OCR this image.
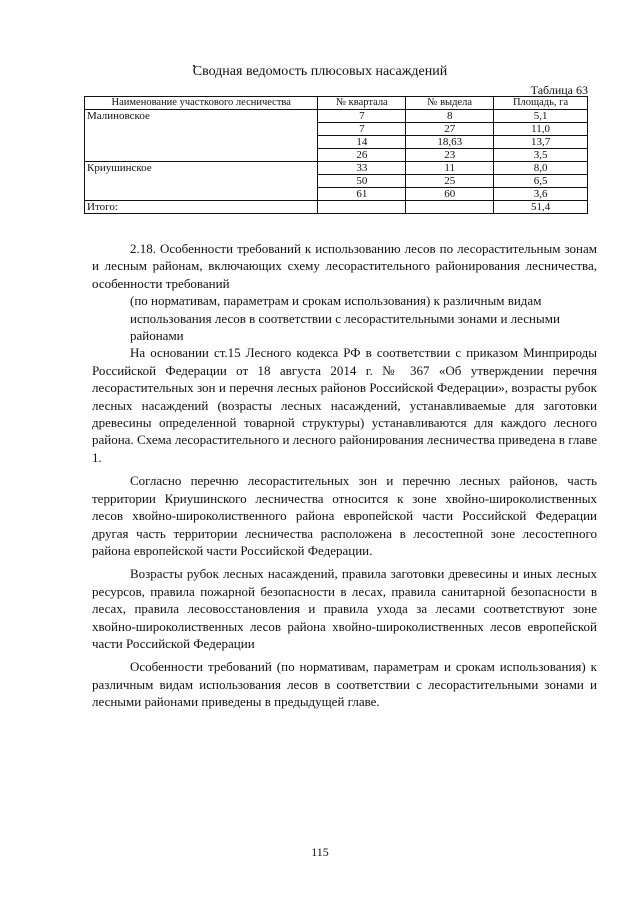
Сводная ведомость плюсовых насаждений
Таблица 63
Наименование участкового лесничества	№ квартала	№ выдела	Площадь, га
Малиновское	7	8	5,1
	7	27	11,0
	14	18,63	13,7
	26	23	3,5
Криушинское	33	11	8,0
	50	25	6,5
	61	60	3,6
Итого:			51,4

2.18. Особенности требований к использованию лесов по лесорастительным зонам и лесным районам, включающих схему лесорастительного районирования лесничества, особенности требований

(по нормативам, параметрам и срокам использования) к различным видам использования лесов в соответствии с лесорастительными зонами и лесными районами

На основании ст.15 Лесного кодекса РФ в соответствии с приказом Минприроды Российской Федерации от 18 августа 2014 г. № 367 «Об утверждении перечня лесорастительных зон и перечня лесных районов Российской Федерации», возрасты рубок лесных насаждений (возрасты лесных насаждений, устанавливаемые для заготовки древесины определенной товарной структуры) устанавливаются для каждого лесного района. Схема лесорастительного и лесного районирования лесничества приведена в главе 1.

Согласно перечню лесорастительных зон и перечню лесных районов, часть территории Криушинского лесничества относится к зоне хвойно-широколиственных лесов хвойно-широколиственного района европейской части Российской Федерации другая часть территории лесничества расположена в лесостепной зоне лесостепного района европейской части Российской Федерации.

Возрасты рубок лесных насаждений, правила заготовки древесины и иных лесных ресурсов, правила пожарной безопасности в лесах, правила санитарной безопасности в лесах, правила лесовосстановления и правила ухода за лесами соответствуют зоне хвойно-широколиственных лесов района хвойно-широколиственных лесов европейской части Российской Федерации

Особенности требований (по нормативам, параметрам и срокам использования) к различным видам использования лесов в соответствии с лесорастительными зонами и лесными районами приведены в предыдущей главе.

115
